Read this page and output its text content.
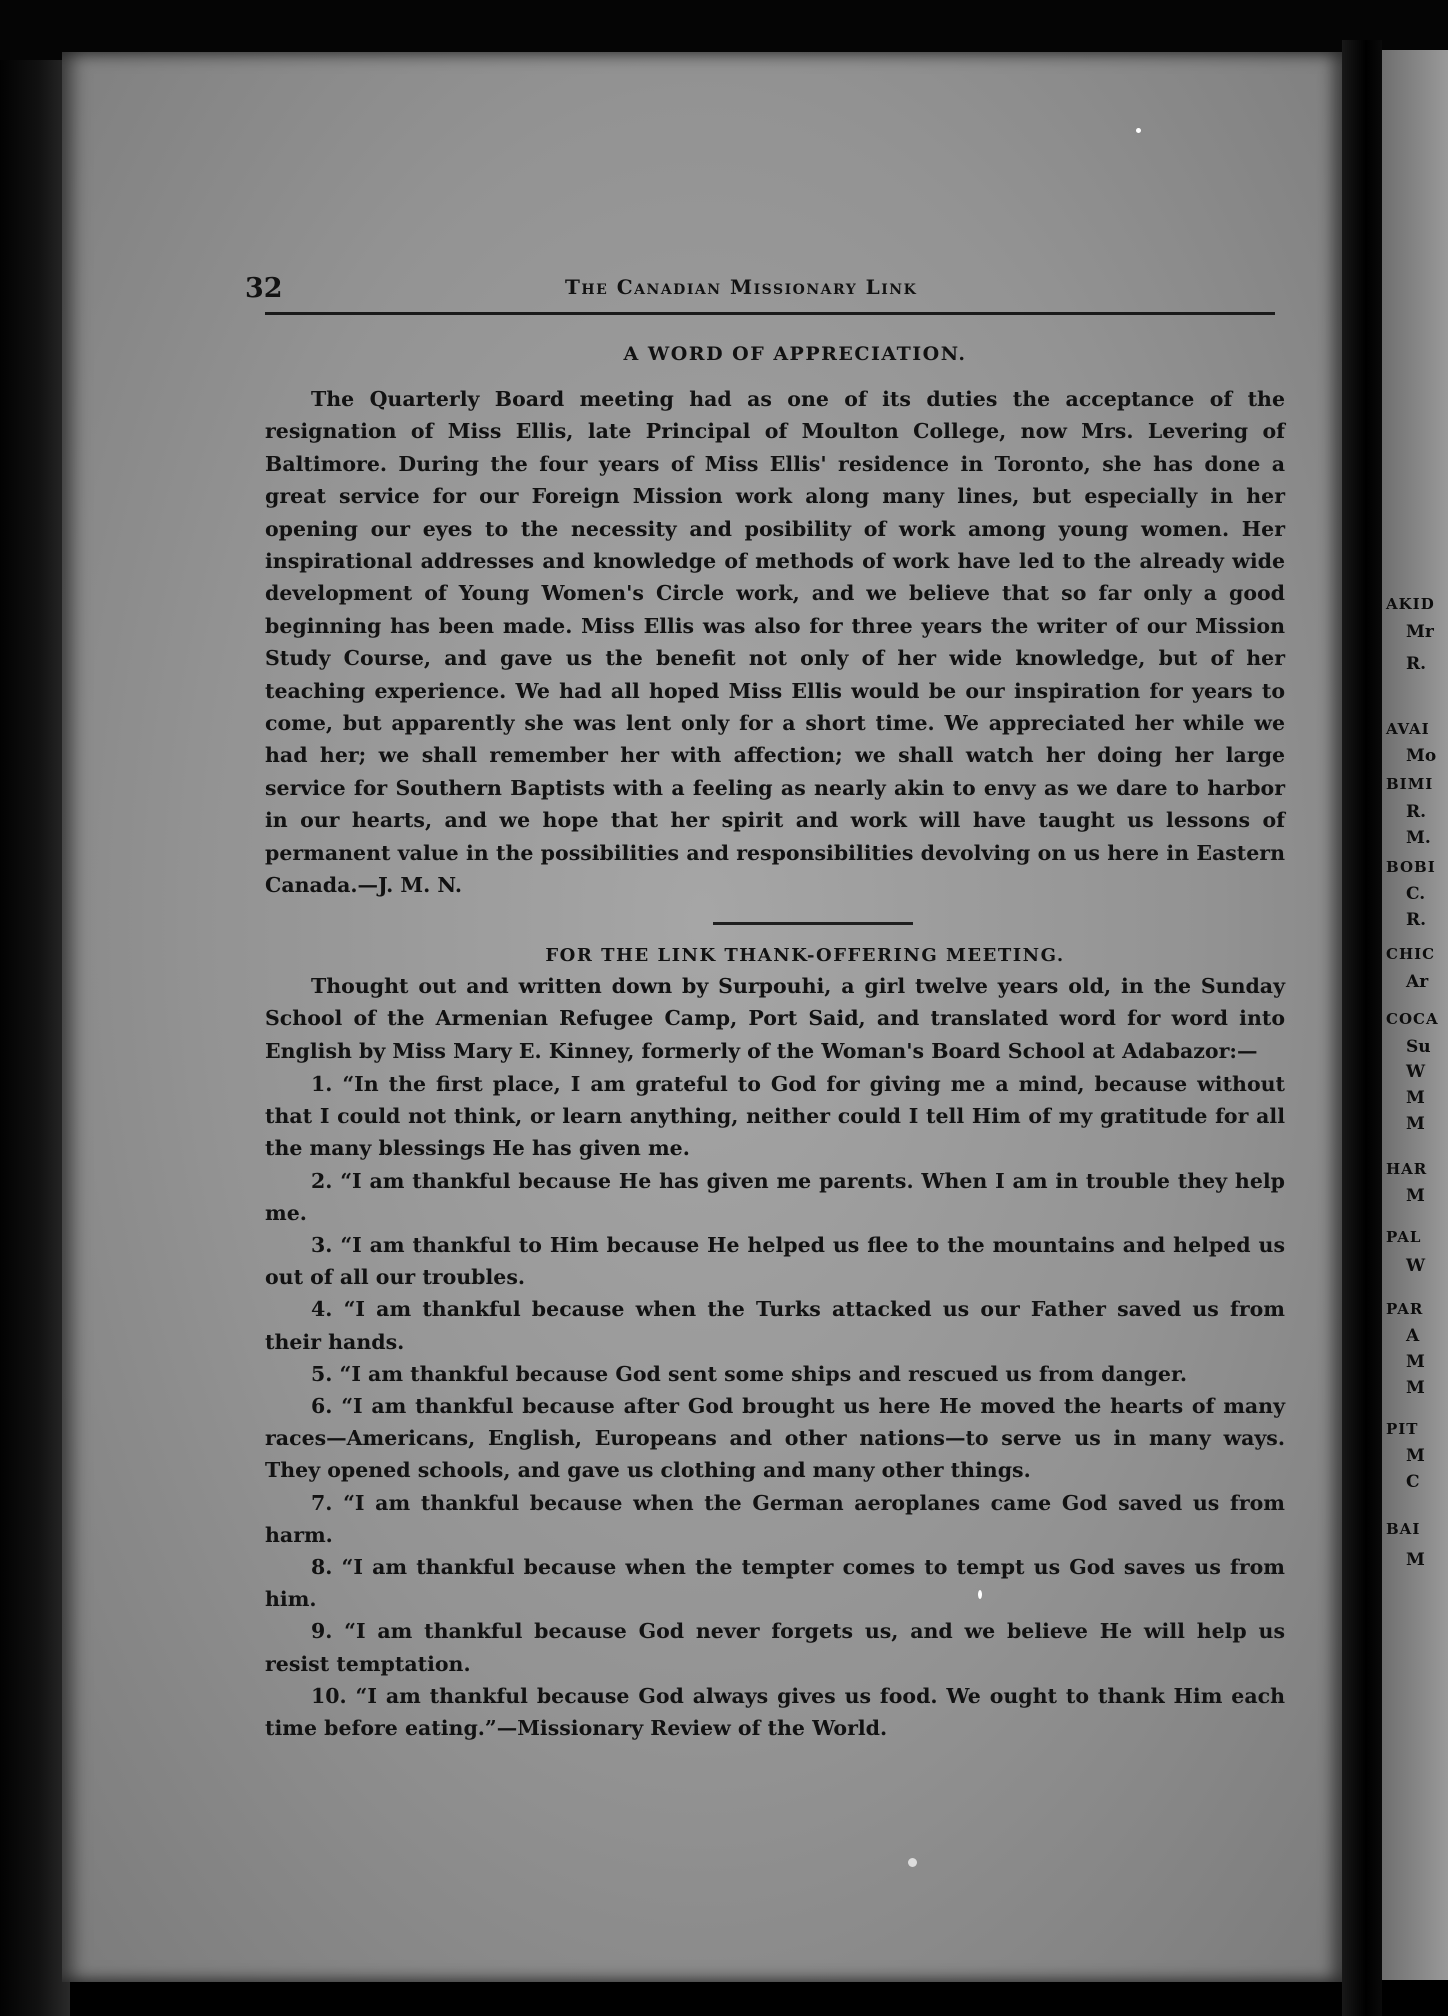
AKID
Mr
R.
AVAI
Mo
BIMI
R.
M.
BOBI
C.
R.
CHIC
Ar
COCA
Su
W
M
M
HAR
M
PAL
W
PAR
A
M
M
PIT
M
C
BAI
M
32	The Canadian Missionary Link
A WORD OF APPRECIATION.

The Quarterly Board meeting had as one of its duties the acceptance of the resignation of Miss Ellis, late Principal of Moulton College, now Mrs. Levering of Baltimore. During the four years of Miss Ellis' residence in Toronto, she has done a great service for our Foreign Mission work along many lines, but especially in her opening our eyes to the necessity and posibility of work among young women. Her inspirational addresses and knowledge of methods of work have led to the already wide development of Young Women's Circle work, and we believe that so far only a good beginning has been made. Miss Ellis was also for three years the writer of our Mission Study Course, and gave us the benefit not only of her wide knowledge, but of her teaching experience. We had all hoped Miss Ellis would be our inspiration for years to come, but apparently she was lent only for a short time. We appreciated her while we had her; we shall remember her with affection; we shall watch her doing her large service for Southern Baptists with a feeling as nearly akin to envy as we dare to harbor in our hearts, and we hope that her spirit and work will have taught us lessons of permanent value in the possibilities and responsibilities devolving on us here in Eastern Canada.—J. M. N.

FOR THE LINK THANK-OFFERING MEETING.

Thought out and written down by Surpouhi, a girl twelve years old, in the Sunday School of the Armenian Refugee Camp, Port Said, and translated word for word into English by Miss Mary E. Kinney, formerly of the Woman's Board School at Adabazor:—

1. “In the first place, I am grateful to God for giving me a mind, because without that I could not think, or learn anything, neither could I tell Him of my gratitude for all the many blessings He has given me.

2. “I am thankful because He has given me parents. When I am in trouble they help me.

3. “I am thankful to Him because He helped us flee to the mountains and helped us out of all our troubles.

4. “I am thankful because when the Turks attacked us our Father saved us from their hands.

5. “I am thankful because God sent some ships and rescued us from danger.

6. “I am thankful because after God brought us here He moved the hearts of many races—Americans, English, Europeans and other nations—to serve us in many ways. They opened schools, and gave us clothing and many other things.

7. “I am thankful because when the German aeroplanes came God saved us from harm.

8. “I am thankful because when the tempter comes to tempt us God saves us from him.

9. “I am thankful because God never forgets us, and we believe He will help us resist temptation.

10. “I am thankful because God always gives us food. We ought to thank Him each time before eating.”—Missionary Review of the World.
